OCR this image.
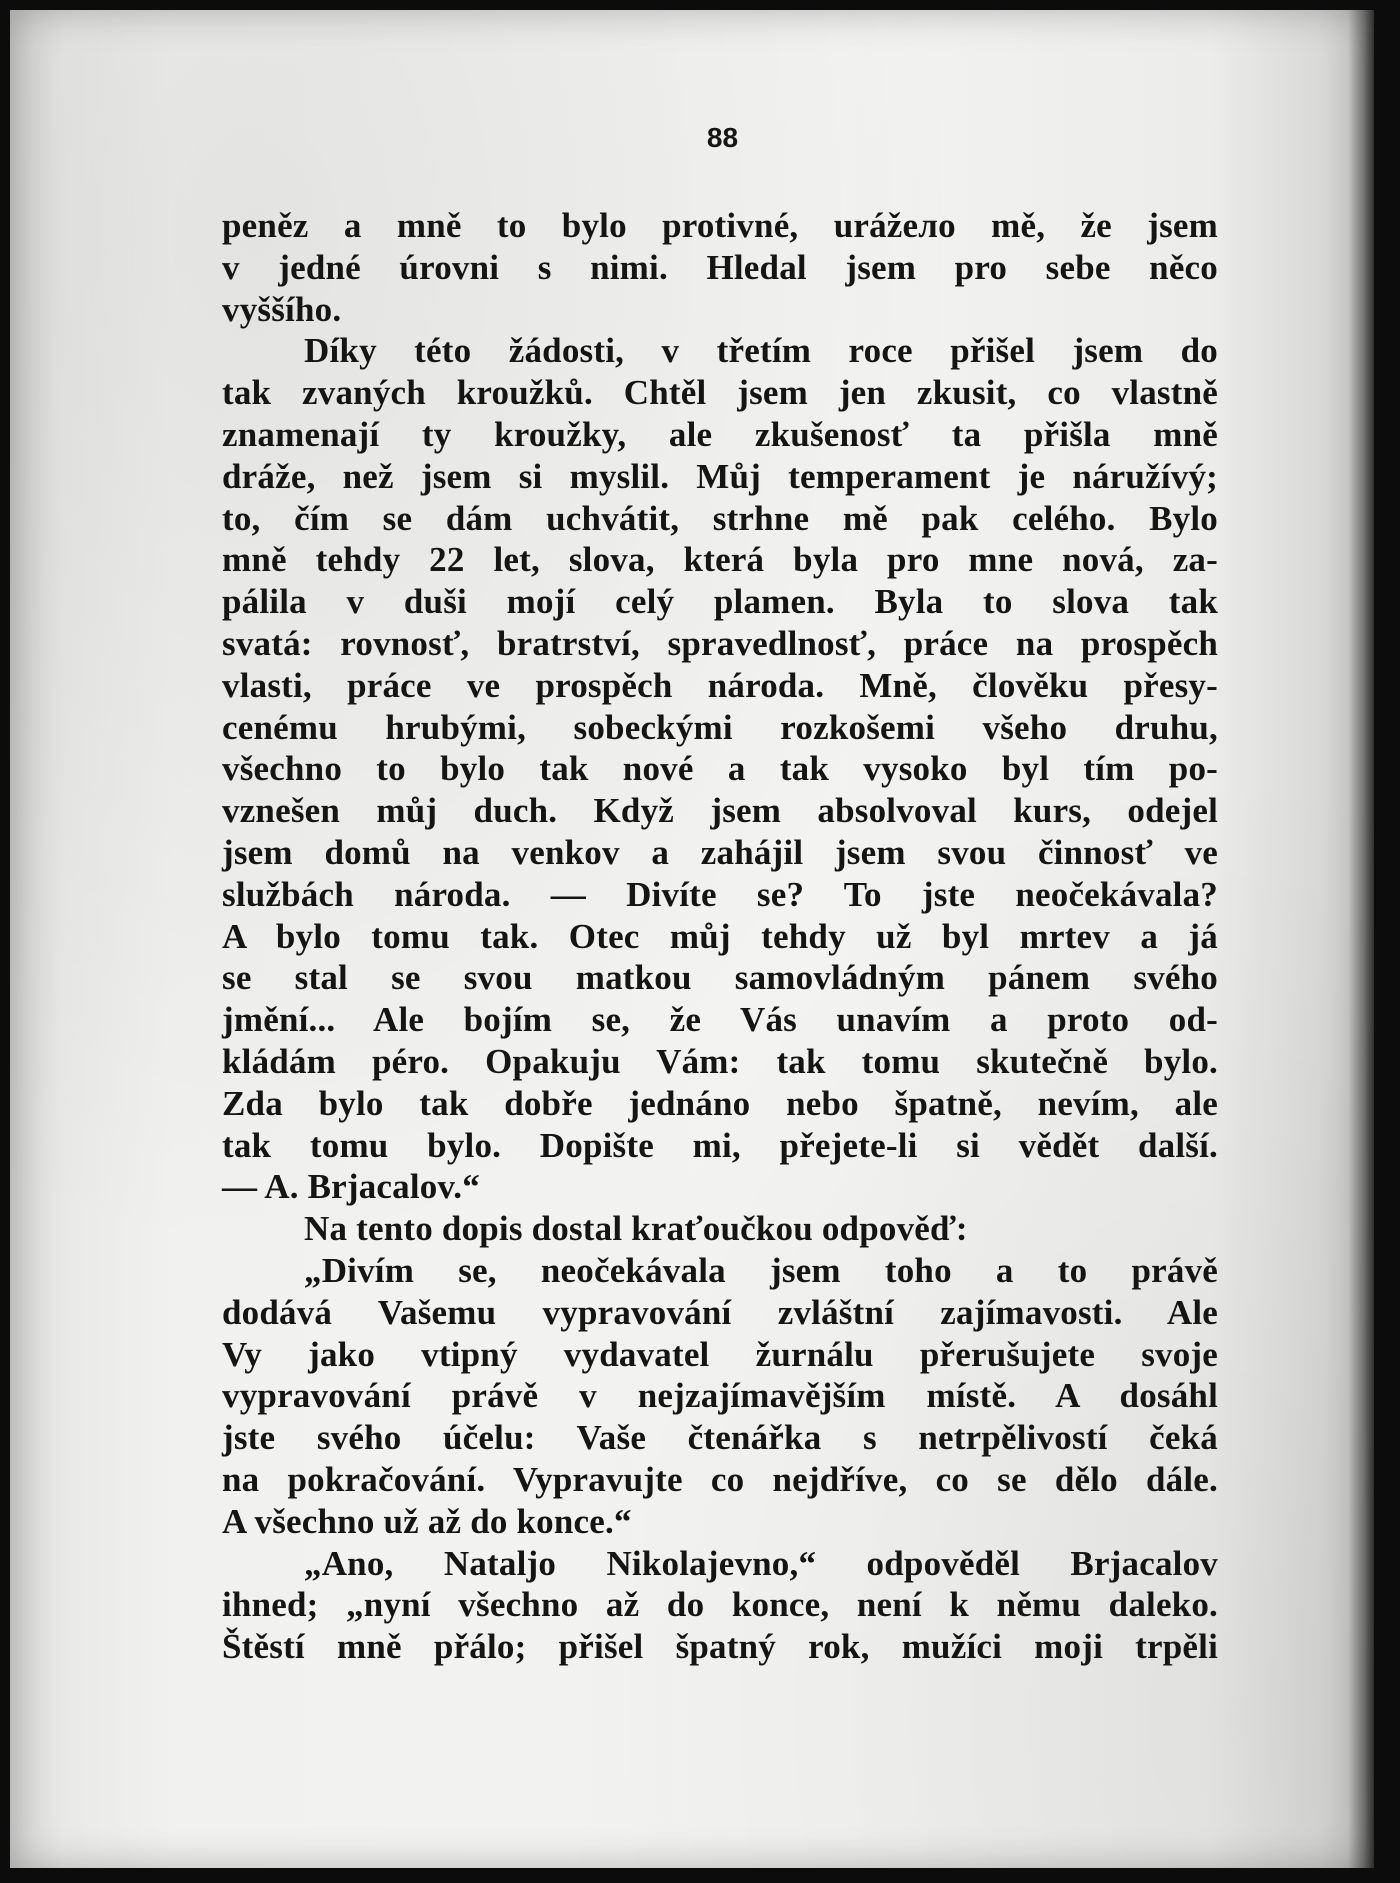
88
peněz a mně to bylo protivné, urážело mě, že jsem
v jedné úrovni s nimi. Hledal jsem pro sebe něco
vyššího.
Díky této žádosti, v třetím roce přišel jsem do
tak zvaných kroužků. Chtěl jsem jen zkusit, co vlastně
znamenají ty kroužky, ale zkušenosť ta přišla mně
dráže, než jsem si myslil. Můj temperament je náružívý;
to, čím se dám uchvátit, strhne mě pak celého. Bylo
mně tehdy 22 let, slova, která byla pro mne nová, za-
pálila v duši mojí celý plamen. Byla to slova tak
svatá: rovnosť, bratrství, spravedlnosť, práce na prospěch
vlasti, práce ve prospěch národa. Mně, člověku přesy-
cenému hrubými, sobeckými rozkošemi všeho druhu,
všechno to bylo tak nové a tak vysoko byl tím po-
vznešen můj duch. Když jsem absolvoval kurs, odejel
jsem domů na venkov a zahájil jsem svou činnosť ve
službách národa. — Divíte se? To jste neočekávala?
A bylo tomu tak. Otec můj tehdy už byl mrtev a já
se stal se svou matkou samovládným pánem svého
jmění... Ale bojím se, že Vás unavím a proto od-
kládám péro. Opakuju Vám: tak tomu skutečně bylo.
Zda bylo tak dobře jednáno nebo špatně, nevím, ale
tak tomu bylo. Dopište mi, přejete-li si vědět další.
— A. Brjacalov.“
Na tento dopis dostal kraťoučkou odpověď:
„Divím se, neočekávala jsem toho a to právě
dodává Vašemu vypravování zvláštní zajímavosti. Ale
Vy jako vtipný vydavatel žurnálu přerušujete svoje
vypravování právě v nejzajímavějším místě. A dosáhl
jste svého účelu: Vaše čtenářka s netrpělivostí čeká
na pokračování. Vypravujte co nejdříve, co se dělo dále.
A všechno už až do konce.“
„Ano, Nataljo Nikolajevno,“ odpověděl Brjacalov
ihned; „nyní všechno až do konce, není k němu daleko.
Štěstí mně přálo; přišel špatný rok, mužíci moji trpěli
